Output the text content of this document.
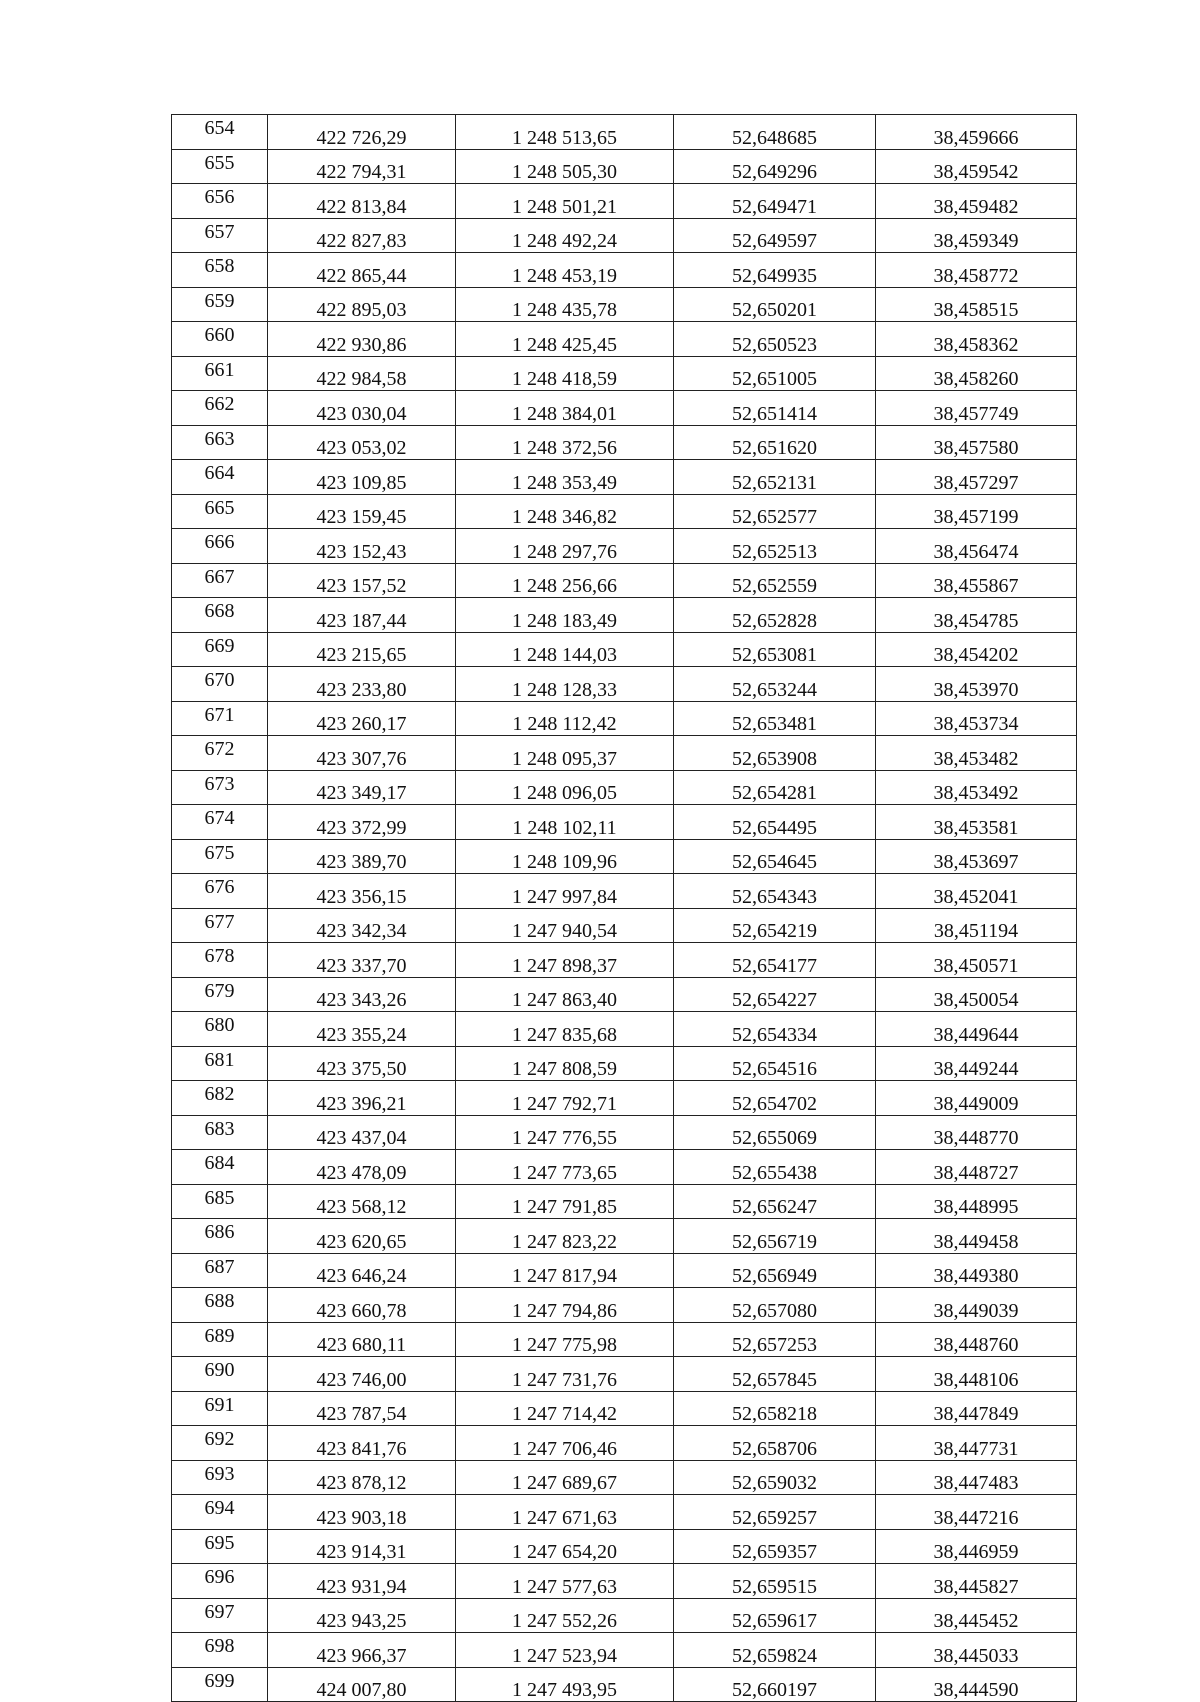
654	422 726,29	1 248 513,65	52,648685	38,459666
655	422 794,31	1 248 505,30	52,649296	38,459542
656	422 813,84	1 248 501,21	52,649471	38,459482
657	422 827,83	1 248 492,24	52,649597	38,459349
658	422 865,44	1 248 453,19	52,649935	38,458772
659	422 895,03	1 248 435,78	52,650201	38,458515
660	422 930,86	1 248 425,45	52,650523	38,458362
661	422 984,58	1 248 418,59	52,651005	38,458260
662	423 030,04	1 248 384,01	52,651414	38,457749
663	423 053,02	1 248 372,56	52,651620	38,457580
664	423 109,85	1 248 353,49	52,652131	38,457297
665	423 159,45	1 248 346,82	52,652577	38,457199
666	423 152,43	1 248 297,76	52,652513	38,456474
667	423 157,52	1 248 256,66	52,652559	38,455867
668	423 187,44	1 248 183,49	52,652828	38,454785
669	423 215,65	1 248 144,03	52,653081	38,454202
670	423 233,80	1 248 128,33	52,653244	38,453970
671	423 260,17	1 248 112,42	52,653481	38,453734
672	423 307,76	1 248 095,37	52,653908	38,453482
673	423 349,17	1 248 096,05	52,654281	38,453492
674	423 372,99	1 248 102,11	52,654495	38,453581
675	423 389,70	1 248 109,96	52,654645	38,453697
676	423 356,15	1 247 997,84	52,654343	38,452041
677	423 342,34	1 247 940,54	52,654219	38,451194
678	423 337,70	1 247 898,37	52,654177	38,450571
679	423 343,26	1 247 863,40	52,654227	38,450054
680	423 355,24	1 247 835,68	52,654334	38,449644
681	423 375,50	1 247 808,59	52,654516	38,449244
682	423 396,21	1 247 792,71	52,654702	38,449009
683	423 437,04	1 247 776,55	52,655069	38,448770
684	423 478,09	1 247 773,65	52,655438	38,448727
685	423 568,12	1 247 791,85	52,656247	38,448995
686	423 620,65	1 247 823,22	52,656719	38,449458
687	423 646,24	1 247 817,94	52,656949	38,449380
688	423 660,78	1 247 794,86	52,657080	38,449039
689	423 680,11	1 247 775,98	52,657253	38,448760
690	423 746,00	1 247 731,76	52,657845	38,448106
691	423 787,54	1 247 714,42	52,658218	38,447849
692	423 841,76	1 247 706,46	52,658706	38,447731
693	423 878,12	1 247 689,67	52,659032	38,447483
694	423 903,18	1 247 671,63	52,659257	38,447216
695	423 914,31	1 247 654,20	52,659357	38,446959
696	423 931,94	1 247 577,63	52,659515	38,445827
697	423 943,25	1 247 552,26	52,659617	38,445452
698	423 966,37	1 247 523,94	52,659824	38,445033
699	424 007,80	1 247 493,95	52,660197	38,444590
